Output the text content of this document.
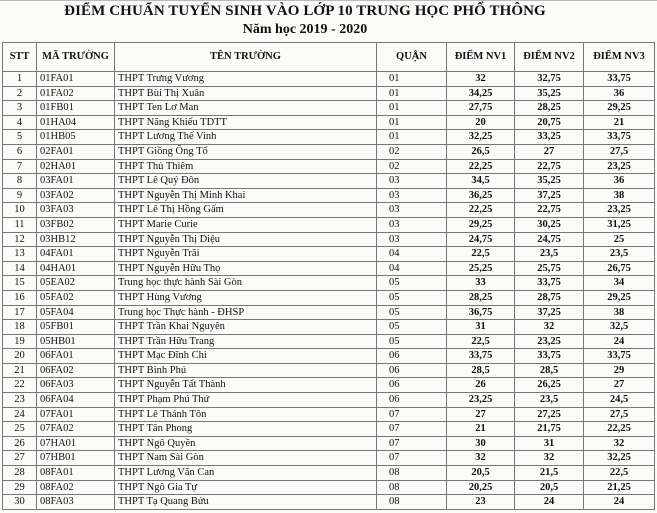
ĐIỂM CHUẨN TUYỂN SINH VÀO LỚP 10 TRUNG HỌC PHỔ THÔNG
Năm học 2019 - 2020
STT	MÃ TRƯỜNG	TÊN TRƯỜNG	QUẬN	ĐIỂM NV1	ĐIỂM NV2	ĐIỂM NV3
1	01FA01	THPT Trưng Vương	01	32	32,75	33,75
2	01FA02	THPT Bùi Thị Xuân	01	34,25	35,25	36
3	01FB01	THPT Ten Lơ Man	01	27,75	28,25	29,25
4	01HA04	THPT Năng Khiếu TDTT	01	20	20,75	21
5	01HB05	THPT Lương Thế Vinh	01	32,25	33,25	33,75
6	02FA01	THPT Giồng Ông Tố	02	26,5	27	27,5
7	02HA01	THPT Thủ Thiêm	02	22,25	22,75	23,25
8	03FA01	THPT Lê Quý Đôn	03	34,5	35,25	36
9	03FA02	THPT Nguyễn Thị Minh Khai	03	36,25	37,25	38
10	03FA03	THPT Lê Thị Hồng Gấm	03	22,25	22,75	23,25
11	03FB02	THPT Marie Curie	03	29,25	30,25	31,25
12	03HB12	THPT Nguyễn Thị Diệu	03	24,75	24,75	25
13	04FA01	THPT Nguyễn Trãi	04	22,5	23,5	23,5
14	04HA01	THPT Nguyễn Hữu Thọ	04	25,25	25,75	26,75
15	05EA02	Trung học thực hành Sài Gòn	05	33	33,75	34
16	05FA02	THPT Hùng Vương	05	28,25	28,75	29,25
17	05FA04	Trung học Thực hành - ĐHSP	05	36,75	37,25	38
18	05FB01	THPT Trần Khai Nguyên	05	31	32	32,5
19	05HB01	THPT Trần Hữu Trang	05	22,5	23,25	24
20	06FA01	THPT Mạc Đĩnh Chi	06	33,75	33,75	33,75
21	06FA02	THPT Bình Phú	06	28,5	28,5	29
22	06FA03	THPT Nguyễn Tất Thành	06	26	26,25	27
23	06FA04	THPT Phạm Phú Thứ	06	23,25	23,5	24,5
24	07FA01	THPT Lê Thánh Tôn	07	27	27,25	27,5
25	07FA02	THPT Tân Phong	07	21	21,75	22,25
26	07HA01	THPT Ngô Quyền	07	30	31	32
27	07HB01	THPT Nam Sài Gòn	07	32	32	32,25
28	08FA01	THPT Lương Văn Can	08	20,5	21,5	22,5
29	08FA02	THPT Ngô Gia Tự	08	20,25	20,5	21,25
30	08FA03	THPT Tạ Quang Bửu	08	23	24	24
